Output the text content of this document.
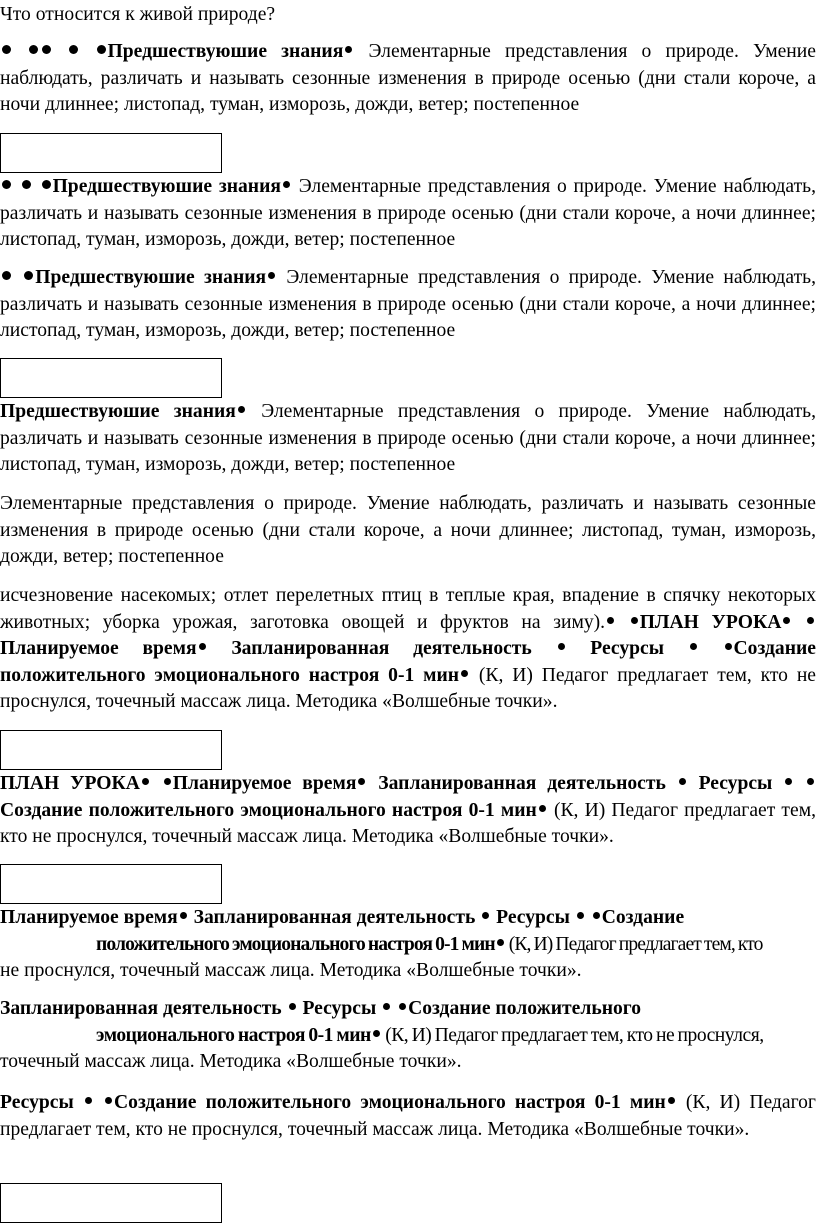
Что относится к живой природе?

Предшествуюшие знания Элементарные представления о природе. Умение наблюдать, различать и называть сезонные изменения в природе осенью (дни стали короче, а ночи длиннее; листопад, туман, изморозь, дожди, ветер; постепенное

Предшествуюшие знания Элементарные представления о природе. Умение наблюдать, различать и называть сезонные изменения в природе осенью (дни стали короче, а ночи длиннее; листопад, туман, изморозь, дожди, ветер; постепенное

Предшествуюшие знания Элементарные представления о природе. Умение наблюдать, различать и называть сезонные изменения в природе осенью (дни стали короче, а ночи длиннее; листопад, туман, изморозь, дожди, ветер; постепенное

Предшествуюшие знания Элементарные представления о природе. Умение наблюдать, различать и называть сезонные изменения в природе осенью (дни стали короче, а ночи длиннее; листопад, туман, изморозь, дожди, ветер; постепенное

Элементарные представления о природе. Умение наблюдать, различать и называть сезонные изменения в природе осенью (дни стали короче, а ночи длиннее; листопад, туман, изморозь, дожди, ветер; постепенное

исчезновение насекомых; отлет перелетных птиц в теплые края, впадение в спячку некоторых животных; уборка урожая, заготовка овощей и фруктов на зиму). ПЛАН УРОКА Планируемое время Запланированная деятельность	Ресурсы	Создание положительного эмоционального настроя 0-1 мин (К, И) Педагог предлагает тем, кто не проснулся, точечный массаж лица. Методика «Волшебные точки».

ПЛАН УРОКА Планируемое время Запланированная деятельность Ресурсы  Создание положительного эмоционального настроя 0-1 мин (К, И) Педагог предлагает тем, кто не проснулся, точечный массаж лица. Методика «Волшебные точки».

Планируемое время Запланированная деятельность Ресурсы Создание
положительного эмоционального настроя 0-1 мин (К, И) Педагог предлагает тем, кто
не проснулся, точечный массаж лица. Методика «Волшебные точки».

Запланированная деятельность Ресурсы Создание положительного
эмоционального настроя 0-1 мин (К, И) Педагог предлагает тем, кто не проснулся,
точечный массаж лица. Методика «Волшебные точки».

Ресурсы Создание положительного эмоционального настроя 0-1 мин (К, И) Педагог предлагает тем, кто не проснулся, точечный массаж лица. Методика «Волшебные точки».
